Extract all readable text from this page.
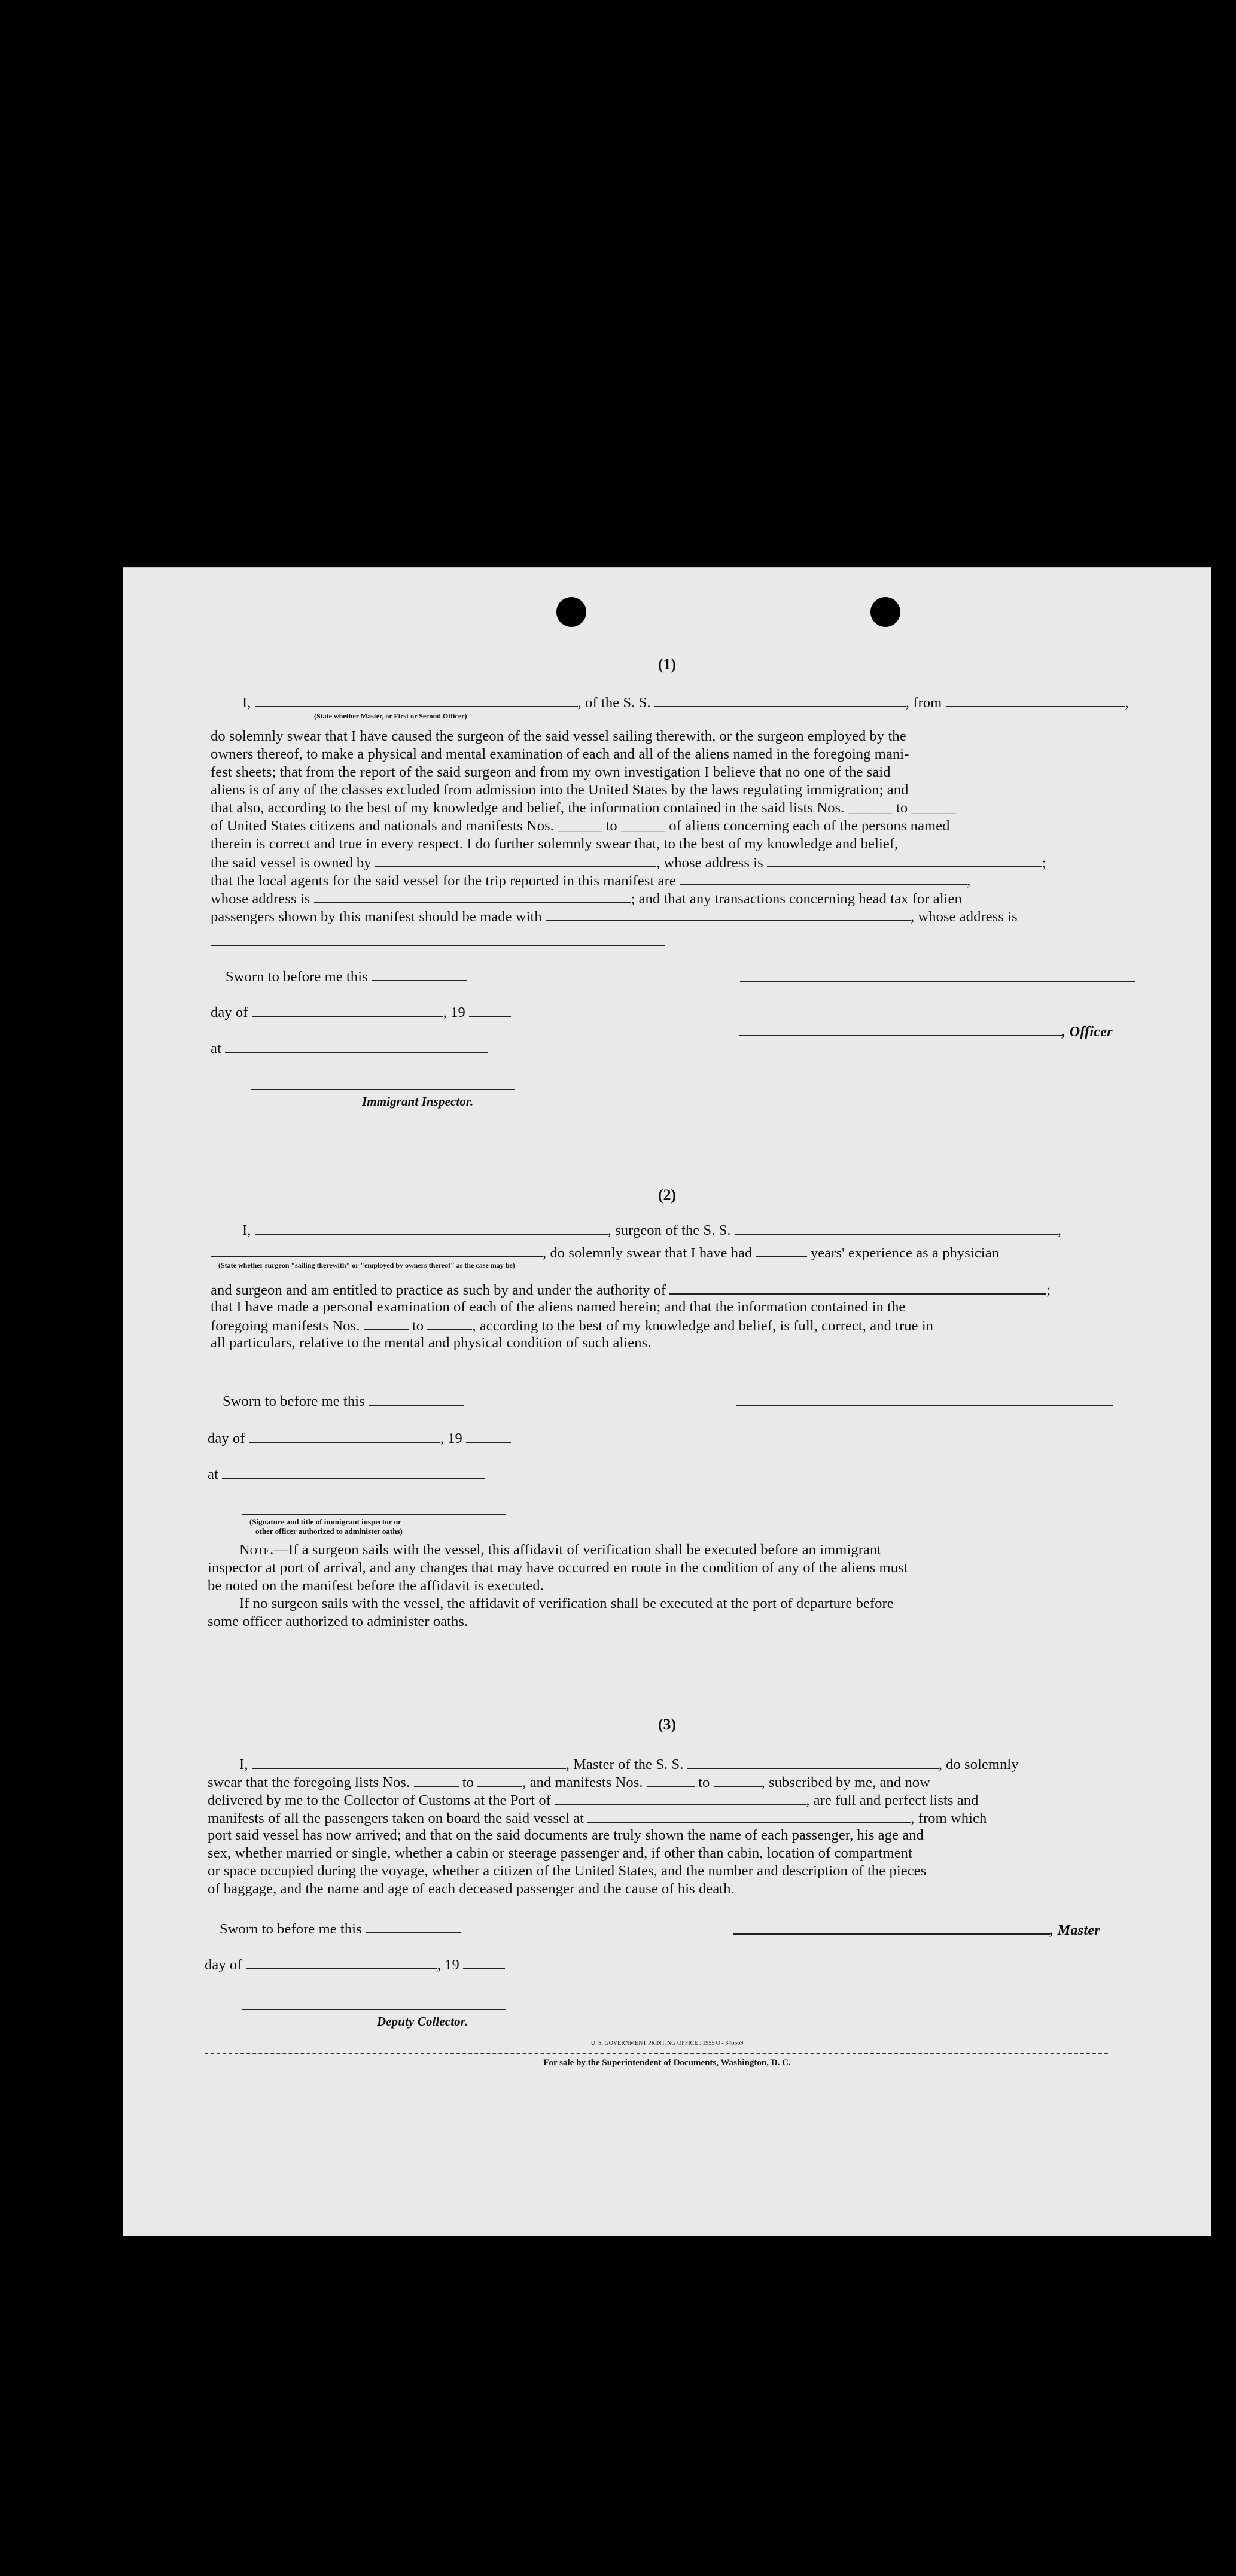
(1)
I,	, of the S. S.	, from	,
(State whether Master, or First or Second Officer)
do solemnly swear that I have caused the surgeon of the said vessel sailing therewith, or the surgeon employed by the
owners thereof, to make a physical and mental examination of each and all of the aliens named in the foregoing mani-
fest sheets; that from the report of the said surgeon and from my own investigation I believe that no one of the said
aliens is of any of the classes excluded from admission into the United States by the laws regulating immigration; and
that also, according to the best of my knowledge and belief, the information contained in the said lists Nos. ______ to ______
of United States citizens and nationals and manifests Nos. ______ to ______ of aliens concerning each of the persons named
therein is correct and true in every respect. I do further solemnly swear that, to the best of my knowledge and belief,
the said vessel is owned by	, whose address is	;
that the local agents for the said vessel for the trip reported in this manifest are	,
whose address is	; and that any transactions concerning head tax for alien
passengers shown by this manifest should be made with	, whose address is
Sworn to before me this
day of	, 19
at
Immigrant Inspector.
, Officer
(2)
I,	, surgeon of the S. S.	,
, do solemnly swear that I have had	years' experience as a physician
(State whether surgeon "sailing therewith" or "employed by owners thereof" as the case may be)
and surgeon and am entitled to practice as such by and under the authority of	;
that I have made a personal examination of each of the aliens named herein; and that the information contained in the
foregoing manifests Nos.	to	, according to the best of my knowledge and belief, is full, correct, and true in
all particulars, relative to the mental and physical condition of such aliens.
Sworn to before me this
day of	, 19
at
(Signature and title of immigrant inspector or
other officer authorized to administer oaths)
Note.—If a surgeon sails with the vessel, this affidavit of verification shall be executed before an immigrant
inspector at port of arrival, and any changes that may have occurred en route in the condition of any of the aliens must
be noted on the manifest before the affidavit is executed.
If no surgeon sails with the vessel, the affidavit of verification shall be executed at the port of departure before
some officer authorized to administer oaths.
(3)
I,	, Master of the S. S.	, do solemnly
swear that the foregoing lists Nos.	to	, and manifests Nos.	to	, subscribed by me, and now
delivered by me to the Collector of Customs at the Port of	, are full and perfect lists and
manifests of all the passengers taken on board the said vessel at	, from which
port said vessel has now arrived; and that on the said documents are truly shown the name of each passenger, his age and
sex, whether married or single, whether a cabin or steerage passenger and, if other than cabin, location of compartment
or space occupied during the voyage, whether a citizen of the United States, and the number and description of the pieces
of baggage, and the name and age of each deceased passenger and the cause of his death.
Sworn to before me this	, Master
day of	, 19
Deputy Collector.
U. S. GOVERNMENT PRINTING OFFICE : 1955 O - 346569
For sale by the Superintendent of Documents, Washington, D. C.
